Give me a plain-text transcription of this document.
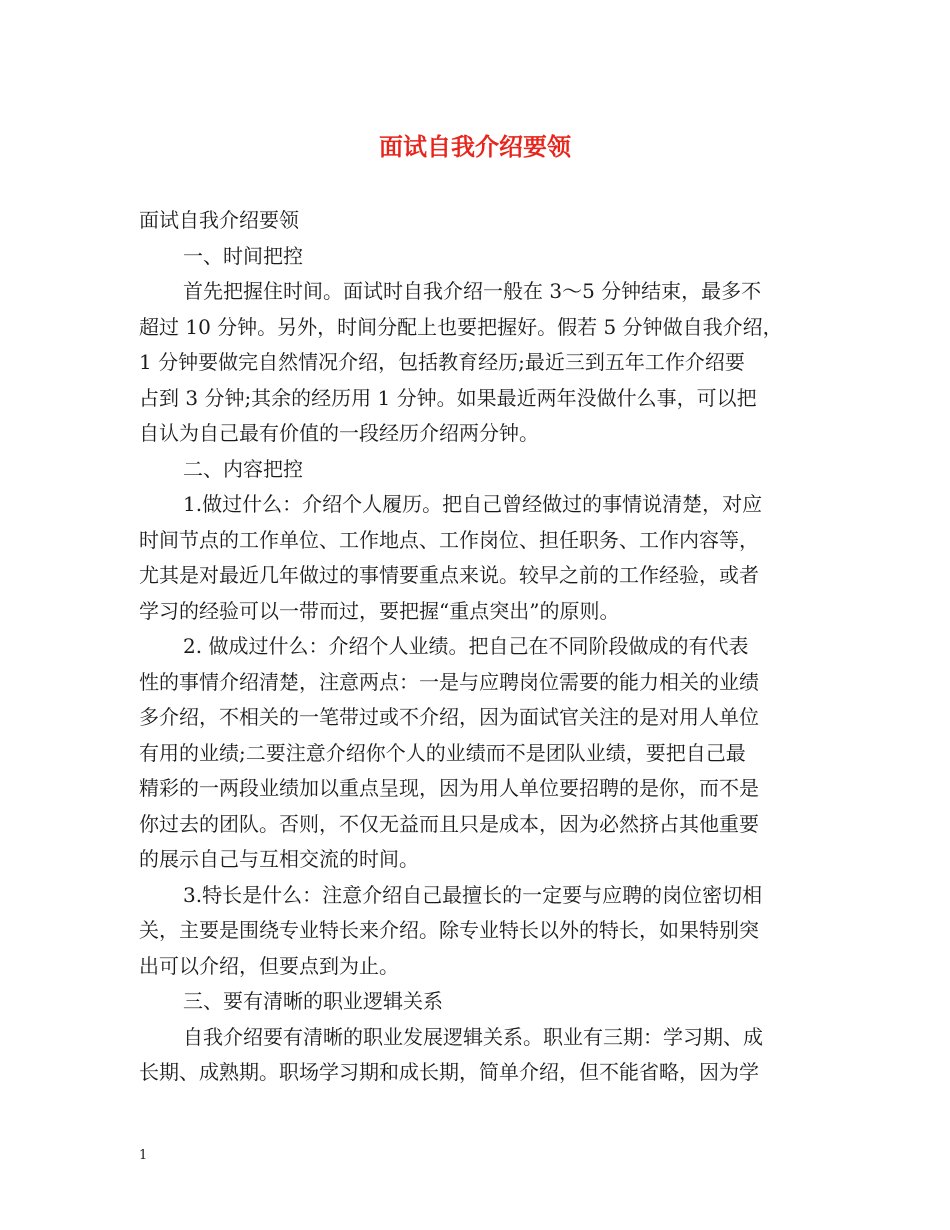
面试自我介绍要领

面试自我介绍要领

一、时间把控

首先把握住时间。面试时自我介绍一般在 3～5 分钟结束，最多不

超过 10 分钟。另外，时间分配上也要把握好。假若 5 分钟做自我介绍，

1 分钟要做完自然情况介绍，包括教育经历;最近三到五年工作介绍要

占到 3 分钟;其余的经历用 1 分钟。如果最近两年没做什么事，可以把

自认为自己最有价值的一段经历介绍两分钟。

二、内容把控

1.做过什么：介绍个人履历。把自己曾经做过的事情说清楚，对应

时间节点的工作单位、工作地点、工作岗位、担任职务、工作内容等，

尤其是对最近几年做过的事情要重点来说。较早之前的工作经验，或者

学习的经验可以一带而过，要把握“重点突出”的原则。

2. 做成过什么：介绍个人业绩。把自己在不同阶段做成的有代表

性的事情介绍清楚，注意两点：一是与应聘岗位需要的能力相关的业绩

多介绍，不相关的一笔带过或不介绍，因为面试官关注的是对用人单位

有用的业绩;二要注意介绍你个人的业绩而不是团队业绩，要把自己最

精彩的一两段业绩加以重点呈现，因为用人单位要招聘的是你，而不是

你过去的团队。否则，不仅无益而且只是成本，因为必然挤占其他重要

的展示自己与互相交流的时间。

3.特长是什么：注意介绍自己最擅长的一定要与应聘的岗位密切相

关，主要是围绕专业特长来介绍。除专业特长以外的特长，如果特别突

出可以介绍，但要点到为止。

三、要有清晰的职业逻辑关系

自我介绍要有清晰的职业发展逻辑关系。职业有三期：学习期、成

长期、成熟期。职场学习期和成长期，简单介绍，但不能省略，因为学

1
